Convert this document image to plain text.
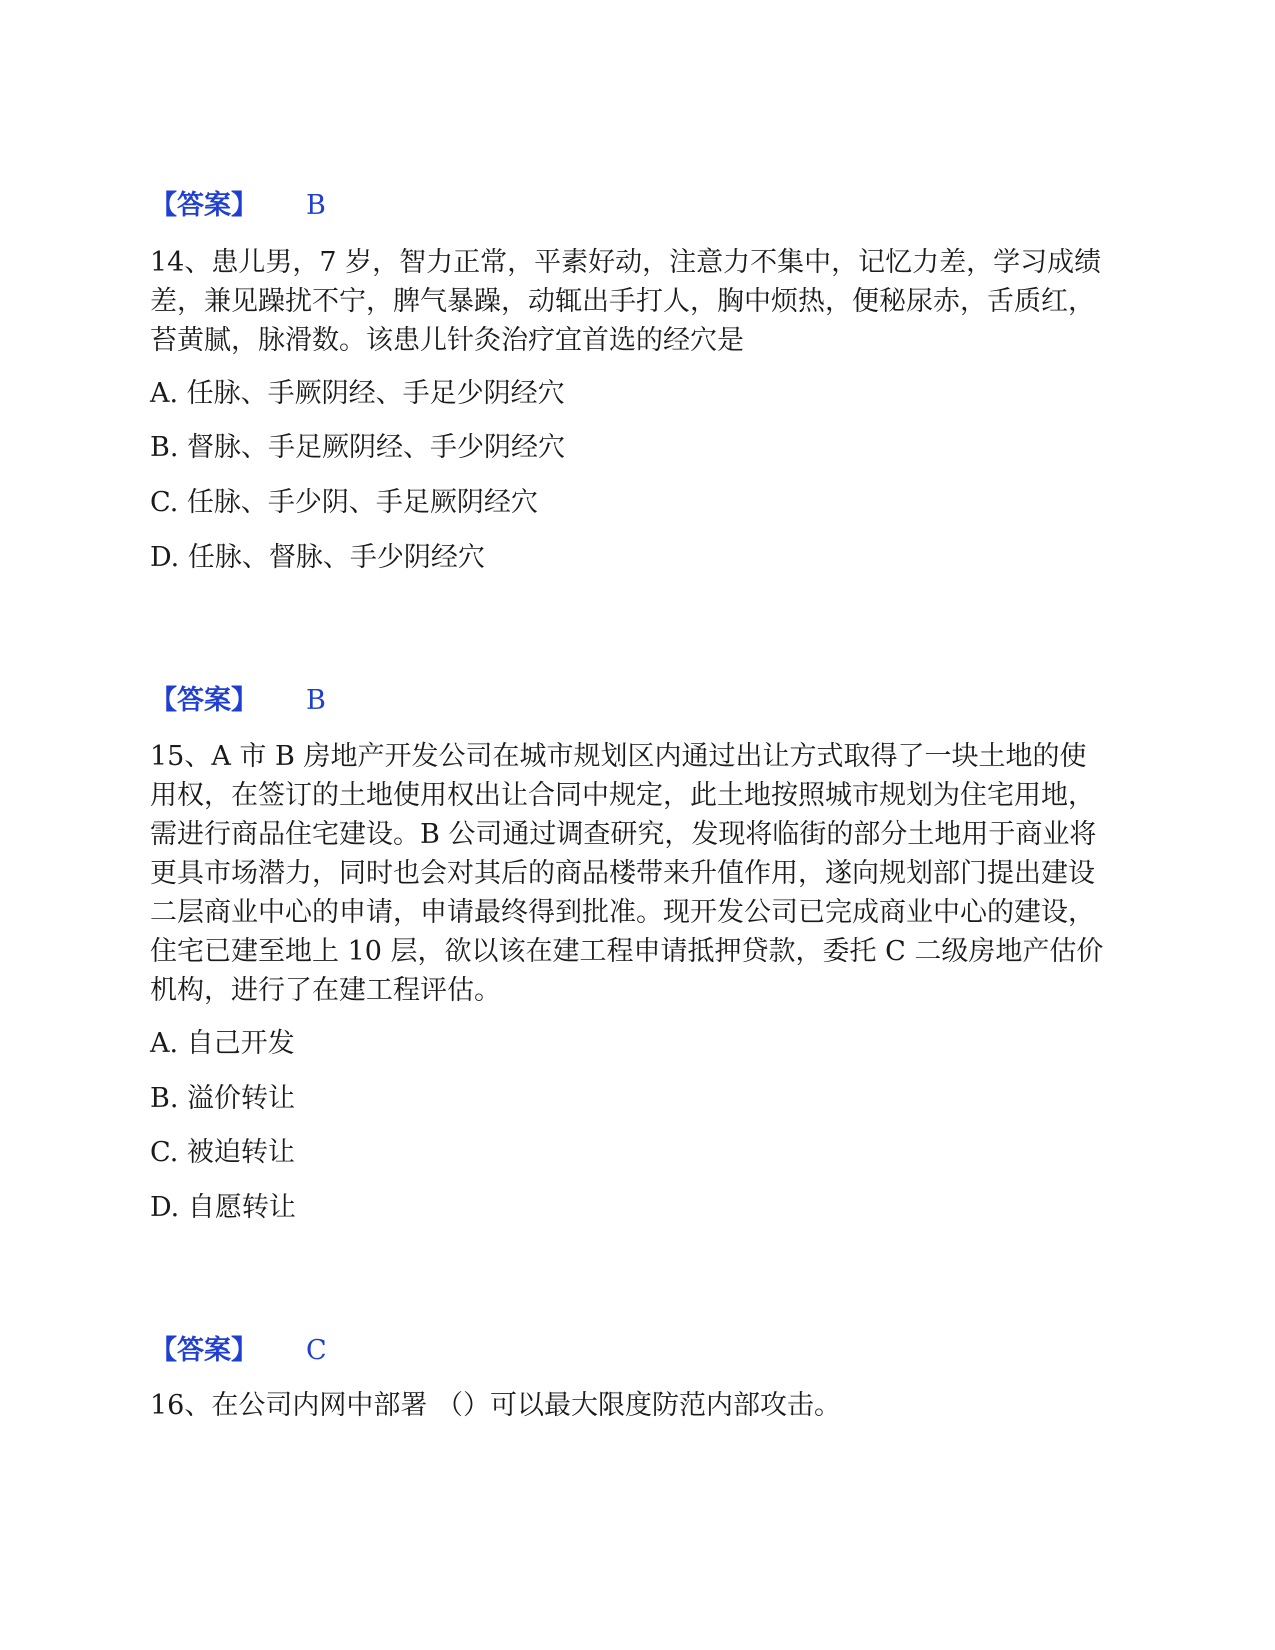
【答案】 B
14、患儿男，7 岁，智力正常，平素好动，注意力不集中，记忆力差，学习成绩差，兼见躁扰不宁，脾气暴躁，动辄出手打人，胸中烦热，便秘尿赤，舌质红，苔黄腻，脉滑数。该患儿针灸治疗宜首选的经穴是
A. 任脉、手厥阴经、手足少阴经穴
B. 督脉、手足厥阴经、手少阴经穴
C. 任脉、手少阴、手足厥阴经穴
D. 任脉、督脉、手少阴经穴
【答案】 B
15、A 市 B 房地产开发公司在城市规划区内通过出让方式取得了一块土地的使用权，在签订的土地使用权出让合同中规定，此土地按照城市规划为住宅用地，需进行商品住宅建设。B 公司通过调查研究，发现将临街的部分土地用于商业将更具市场潜力，同时也会对其后的商品楼带来升值作用，遂向规划部门提出建设二层商业中心的申请，申请最终得到批准。现开发公司已完成商业中心的建设，住宅已建至地上 10 层，欲以该在建工程申请抵押贷款，委托 C 二级房地产估价机构，进行了在建工程评估。
A. 自己开发
B. 溢价转让
C. 被迫转让
D. 自愿转让
【答案】 C
16、在公司内网中部署 （）可以最大限度防范内部攻击。
